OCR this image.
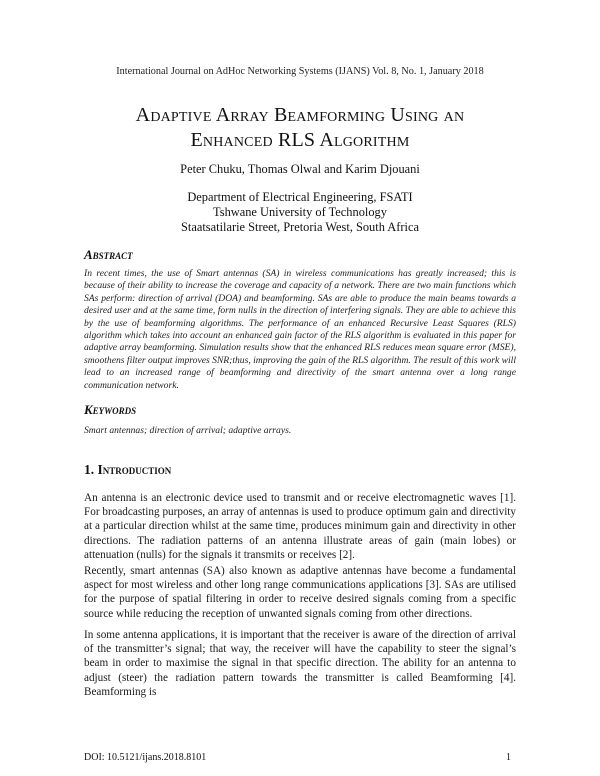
International Journal on AdHoc Networking Systems (IJANS) Vol. 8, No. 1, January 2018
Adaptive Array Beamforming Using an
Enhanced RLS Algorithm
Peter Chuku, Thomas Olwal and Karim Djouani
Department of Electrical Engineering, FSATI
Tshwane University of Technology
Staatsatilarie Street, Pretoria West, South Africa
Abstract
In recent times, the use of Smart antennas (SA) in wireless communications has greatly increased; this is because of their ability to increase the coverage and capacity of a network. There are two main functions which SAs perform: direction of arrival (DOA) and beamforming. SAs are able to produce the main beams towards a desired user and at the same time, form nulls in the direction of interfering signals. They are able to achieve this by the use of beamforming algorithms. The performance of an enhanced Recursive Least Squares (RLS) algorithm which takes into account an enhanced gain factor of the RLS algorithm is evaluated in this paper for adaptive array beamforming. Simulation results show that the enhanced RLS reduces mean square error (MSE), smoothens filter output improves SNR;thus, improving the gain of the RLS algorithm. The result of this work will lead to an increased range of beamforming and directivity of the smart antenna over a long range communication network.
Keywords
Smart antennas; direction of arrival; adaptive arrays.
1. Introduction
An antenna is an electronic device used to transmit and or receive electromagnetic waves [1]. For broadcasting purposes, an array of antennas is used to produce optimum gain and directivity at a particular direction whilst at the same time, produces minimum gain and directivity in other directions. The radiation patterns of an antenna illustrate areas of gain (main lobes) or attenuation (nulls) for the signals it transmits or receives [2].
Recently, smart antennas (SA) also known as adaptive antennas have become a fundamental aspect for most wireless and other long range communications applications [3]. SAs are utilised for the purpose of spatial filtering in order to receive desired signals coming from a specific source while reducing the reception of unwanted signals coming from other directions.
In some antenna applications, it is important that the receiver is aware of the direction of arrival of the transmitter’s signal; that way, the receiver will have the capability to steer the signal’s beam in order to maximise the signal in that specific direction. The ability for an antenna to adjust (steer) the radiation pattern towards the transmitter is called Beamforming [4]. Beamforming is
DOI: 10.5121/ijans.2018.8101	1
